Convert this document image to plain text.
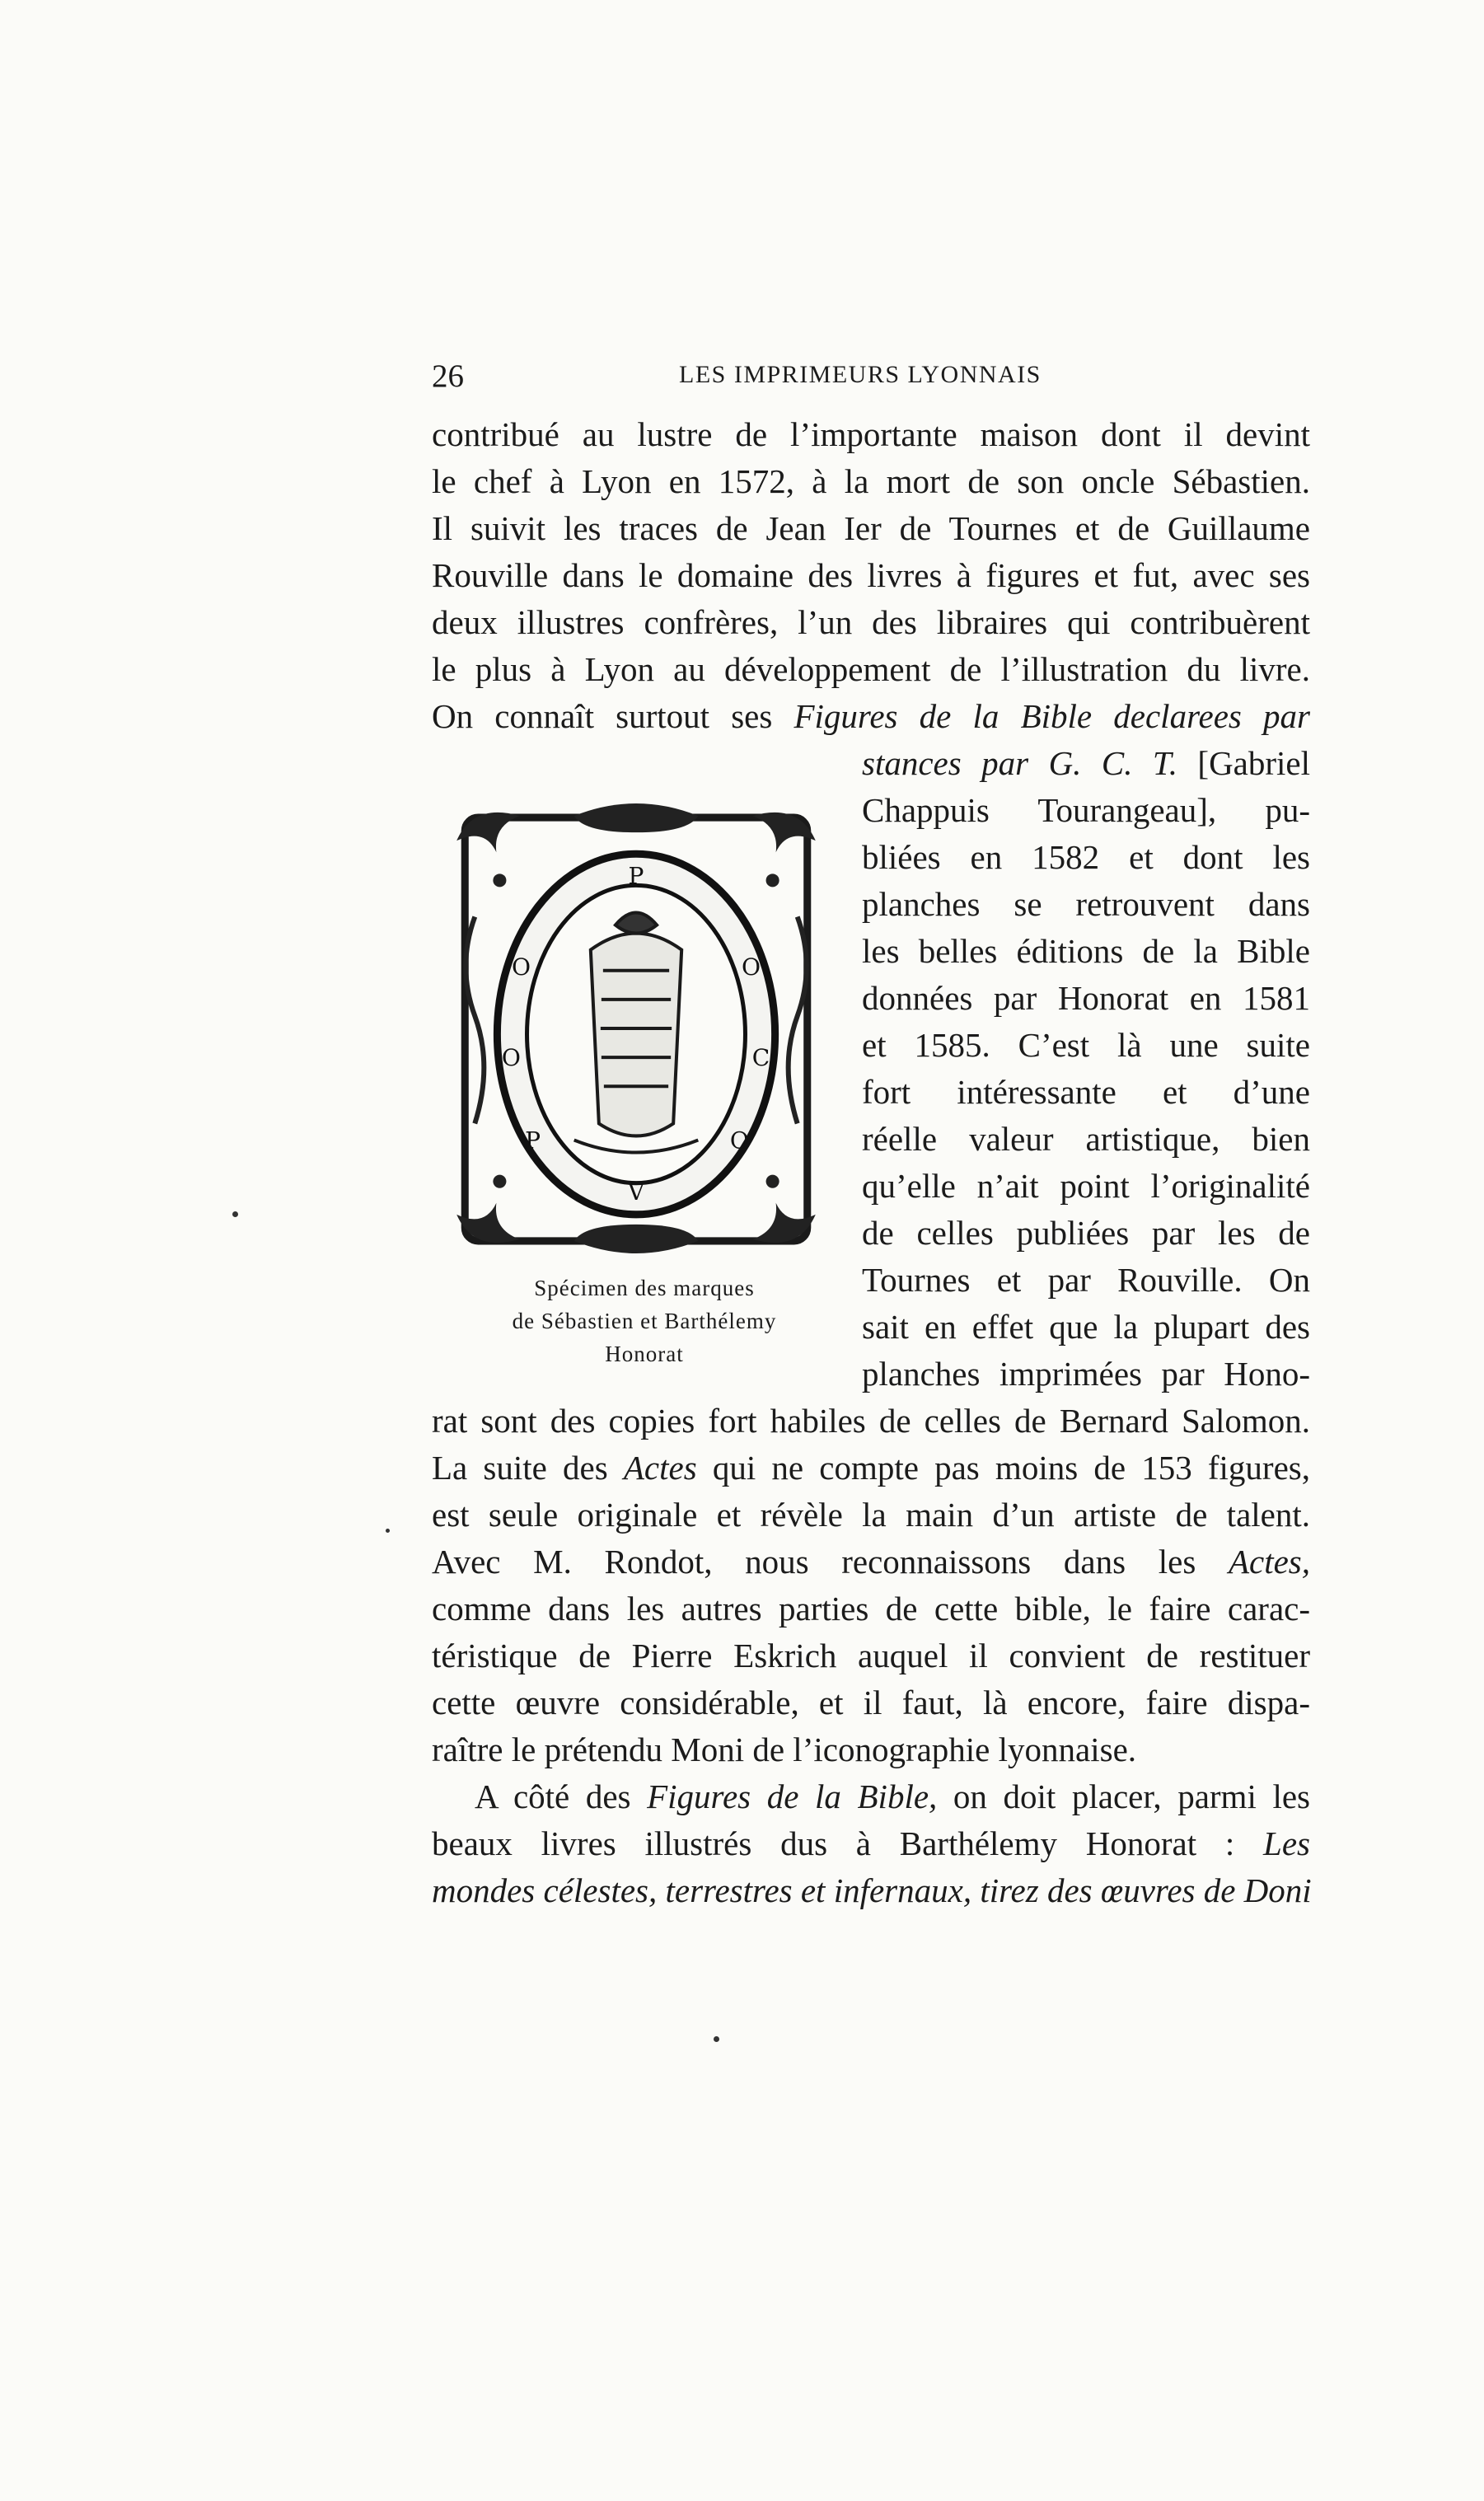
26	LES IMPRIMEURS LYONNAIS
contribué au lustre de l’importante maison dont il devint
le chef à Lyon en 1572, à la mort de son oncle Sébastien.
Il suivit les traces de Jean Ier de Tournes et de Guillaume
Rouville dans le domaine des livres à figures et fut, avec ses
deux illustres confrères, l’un des libraires qui contribuèrent
le plus à Lyon au développement de l’illustration du livre.
On connaît surtout ses Figures de la Bible declarees par
stances par G. C. T. [Gabriel
Chappuis Tourangeau], pu-
bliées en 1582 et dont les
planches se retrouvent dans
les belles éditions de la Bible
données par Honorat en 1581
et 1585. C’est là une suite
fort intéressante et d’une
réelle valeur artistique, bien
qu’elle n’ait point l’originalité
de celles publiées par les de
Tournes et par Rouville. On
sait en effet que la plupart des
planches imprimées par Hono-
P
O	O
O	C
P	O
V
Spécimen des marques
de Sébastien et Barthélemy
Honorat
rat sont des copies fort habiles de celles de Bernard Salomon.
La suite des Actes qui ne compte pas moins de 153 figures,
est seule originale et révèle la main d’un artiste de talent.
Avec M. Rondot, nous reconnaissons dans les Actes,
comme dans les autres parties de cette bible, le faire carac-
téristique de Pierre Eskrich auquel il convient de restituer
cette œuvre considérable, et il faut, là encore, faire dispa-
raître le prétendu Moni de l’iconographie lyonnaise.
A côté des Figures de la Bible, on doit placer, parmi les
beaux livres illustrés dus à Barthélemy Honorat : Les
mondes célestes, terrestres et infernaux, tirez des œuvres de Doni
